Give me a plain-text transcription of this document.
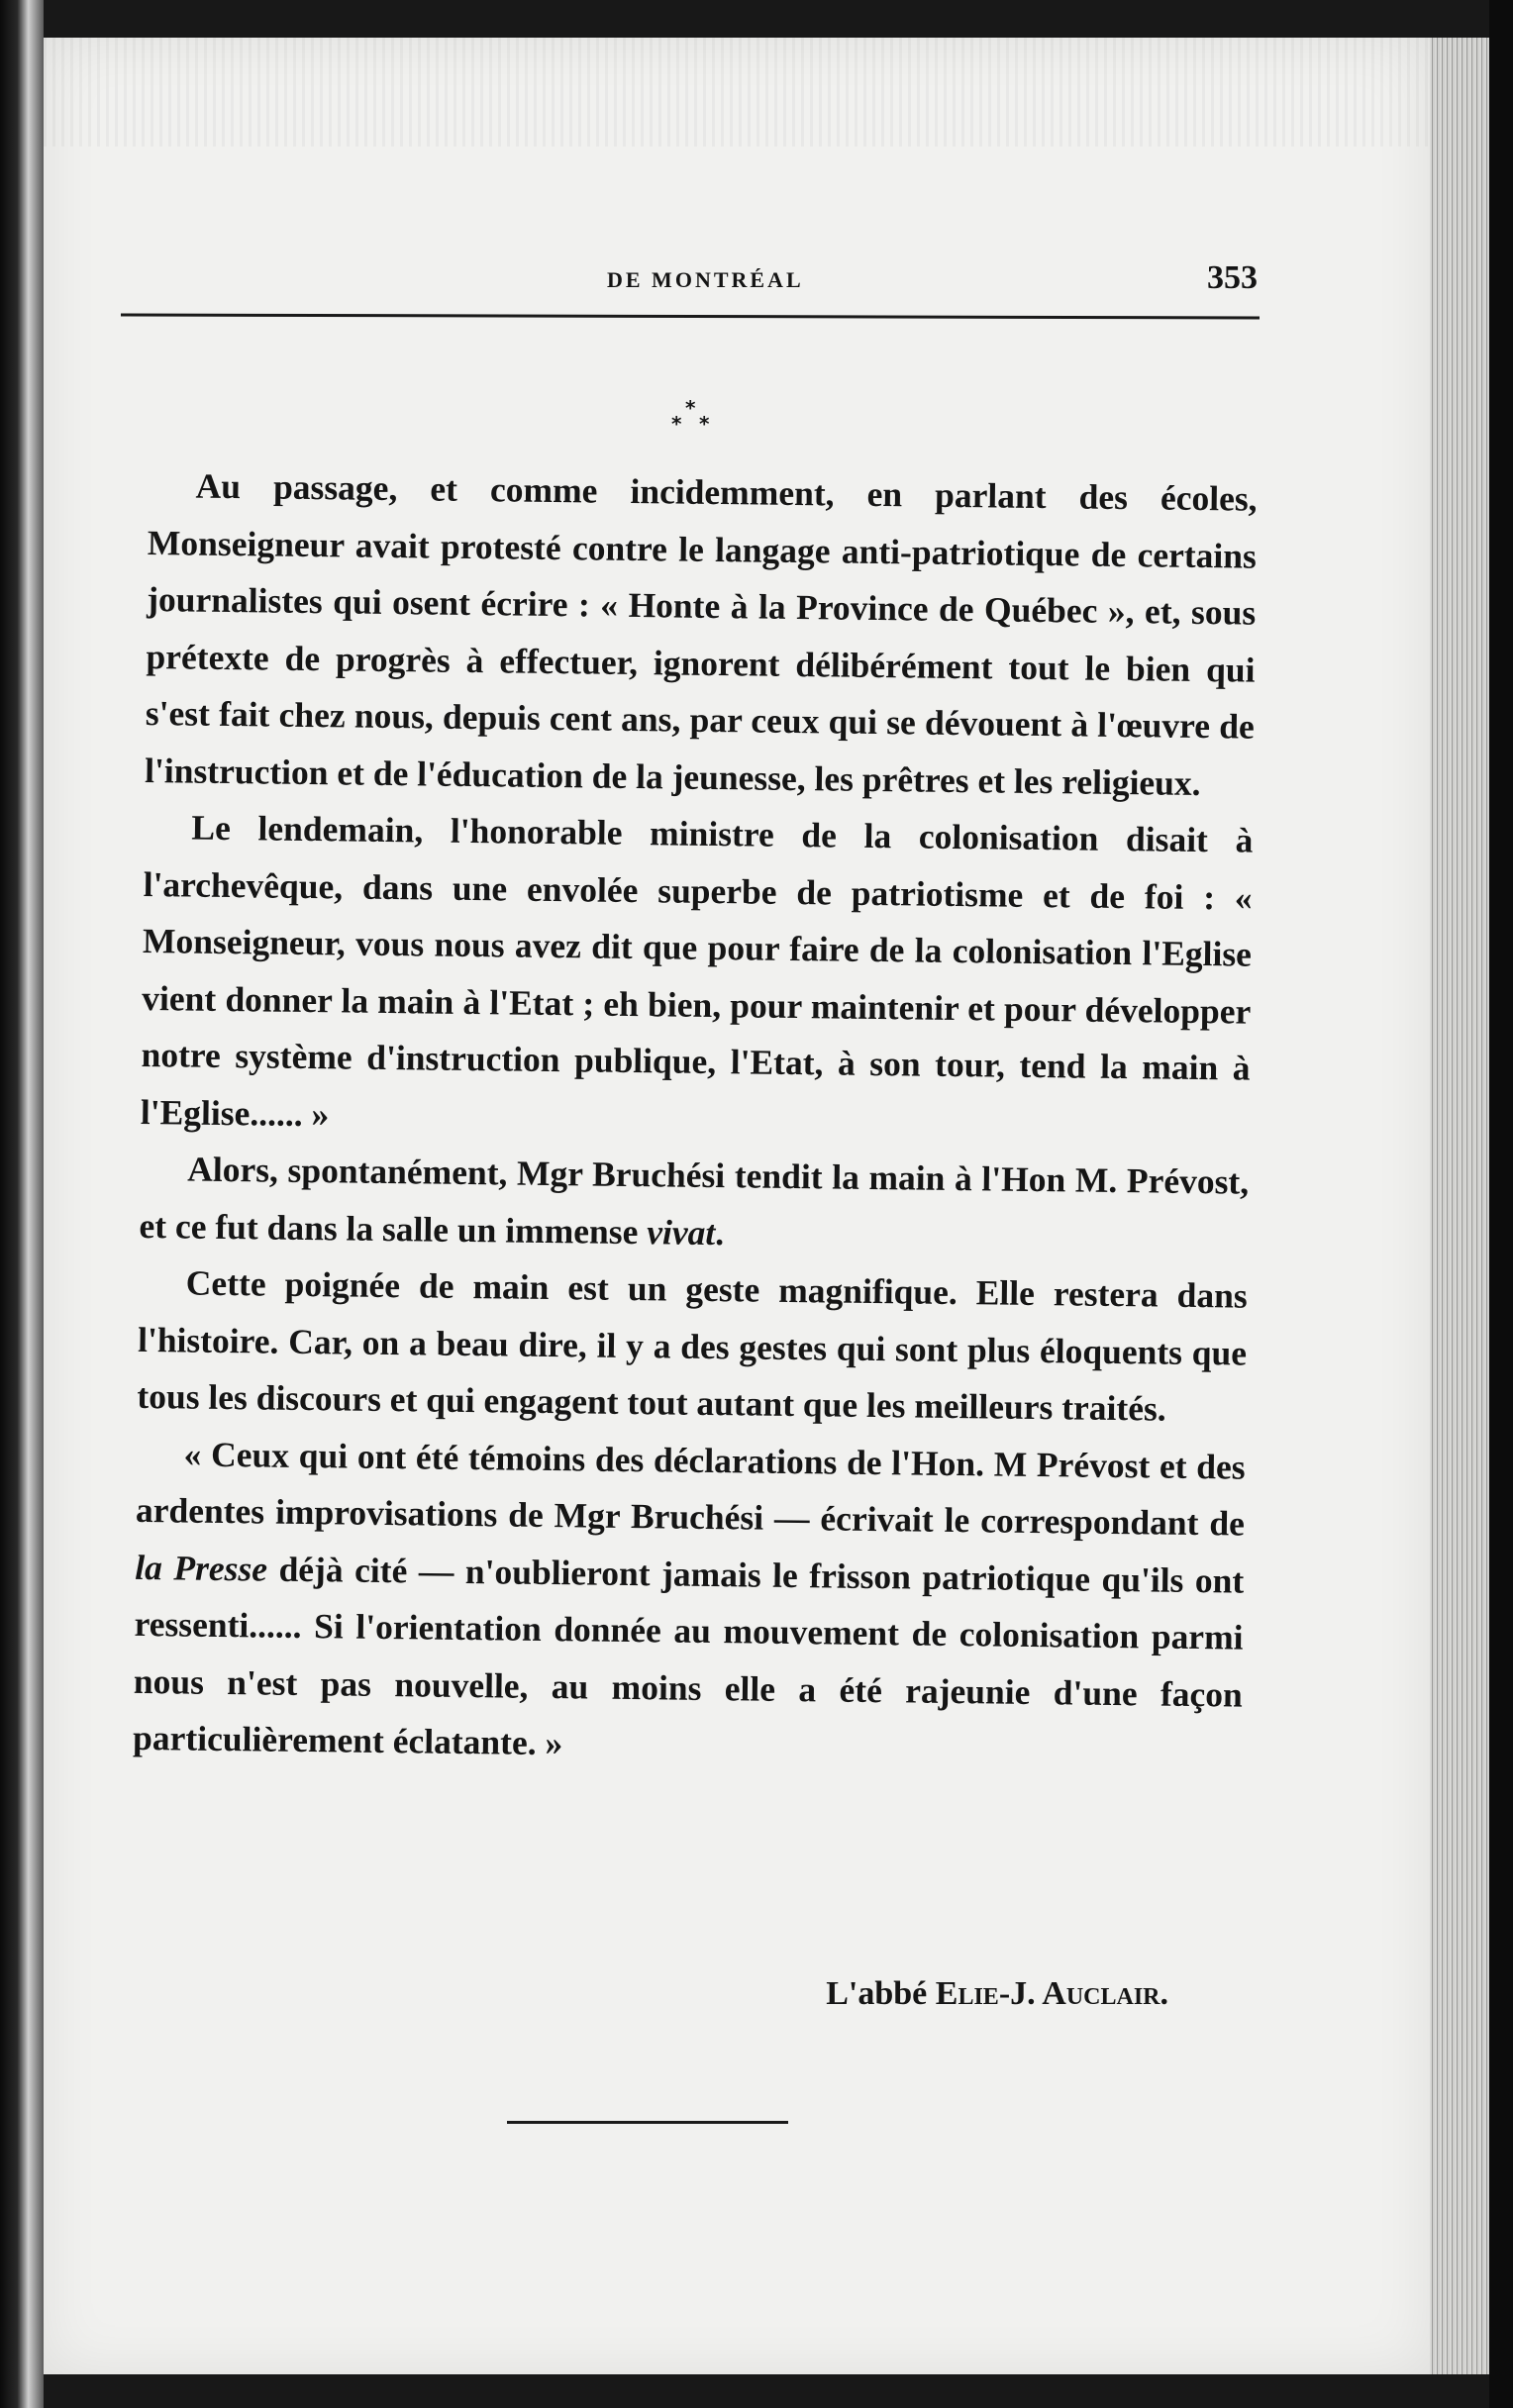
DE MONTRÉAL	353
*
* *

Au passage, et comme incidemment, en parlant des écoles, Monseigneur avait protesté contre le langage anti-patriotique de certains journalistes qui osent écrire : « Honte à la Province de Québec », et, sous prétexte de progrès à effectuer, ignorent délibérément tout le bien qui s'est fait chez nous, depuis cent ans, par ceux qui se dévouent à l'œuvre de l'instruction et de l'éducation de la jeunesse, les prêtres et les religieux.

Le lendemain, l'honorable ministre de la colonisation disait à l'archevêque, dans une envolée superbe de patriotisme et de foi : « Monseigneur, vous nous avez dit que pour faire de la colonisation l'Eglise vient donner la main à l'Etat ; eh bien, pour maintenir et pour développer notre système d'instruction publique, l'Etat, à son tour, tend la main à l'Eglise...... »

Alors, spontanément, Mgr Bruchési tendit la main à l'Hon M. Prévost, et ce fut dans la salle un immense vivat.

Cette poignée de main est un geste magnifique. Elle restera dans l'histoire. Car, on a beau dire, il y a des gestes qui sont plus éloquents que tous les discours et qui engagent tout autant que les meilleurs traités.

« Ceux qui ont été témoins des déclarations de l'Hon. M Prévost et des ardentes improvisations de Mgr Bruchési — écrivait le correspondant de la Presse déjà cité — n'oublieront jamais le frisson patriotique qu'ils ont ressenti...... Si l'orientation donnée au mouvement de colonisation parmi nous n'est pas nouvelle, au moins elle a été rajeunie d'une façon particulièrement éclatante. »

L'abbé Elie-J. Auclair.
